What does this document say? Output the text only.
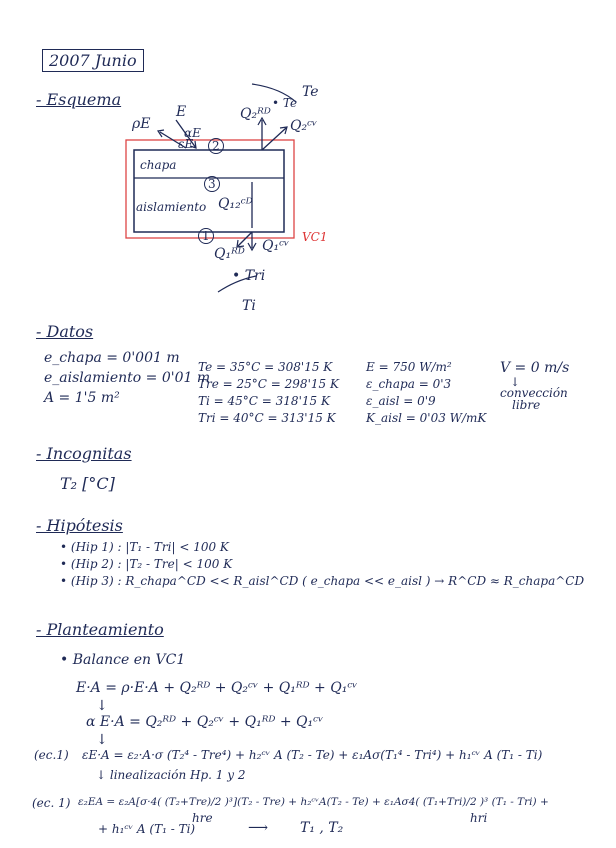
2007 Junio
- Esquema
ρE
E
αE
εE	2
Q₂ᴿᴰ
Q₂ᶜᵛ
• Te
Te
chapa
3
aislamiento Q₁₂ᶜᴰ
1	VC1
Q₁ᴿᴰ Q₁ᶜᵛ
• Tri
Ti
- Datos
e_chapa = 0'001 m
e_aislamiento = 0'01 m
A = 1'5 m²
Te = 35°C = 308'15 K
Tre = 25°C = 298'15 K
Ti = 45°C = 318'15 K
Tri = 40°C = 313'15 K
E = 750 W/m²
ε_chapa = 0'3
ε_aisl = 0'9
K_aisl = 0'03 W/mK
V = 0 m/s
↓
convección
libre
- Incognitas
T₂ [°C]
- Hipótesis
• (Hip 1) : |T₁ - Tri| < 100 K
• (Hip 2) : |T₂ - Tre| < 100 K
• (Hip 3) : R_chapa^CD << R_aisl^CD ( e_chapa << e_aisl ) → R^CD ≈ R_chapa^CD
- Planteamiento
• Balance en VC1
E·A = ρ·E·A + Q₂ᴿᴰ + Q₂ᶜᵛ + Q₁ᴿᴰ + Q₁ᶜᵛ
↓
α E·A = Q₂ᴿᴰ + Q₂ᶜᵛ + Q₁ᴿᴰ + Q₁ᶜᵛ
↓
(ec.1) εE·A = ε₂·A·σ (T₂⁴ - Tre⁴) + h₂ᶜᵛ A (T₂ - Te) + ε₁Aσ(T₁⁴ - Tri⁴) + h₁ᶜᵛ A (T₁ - Ti)
↓ linealización Hp. 1 y 2
(ec. 1) ε₂EA = ε₂A[σ·4( (T₂+Tre)/2 )³](T₂ - Tre) + h₂ᶜᵛA(T₂ - Te) + ε₁Aσ4( (T₁+Tri)/2 )³ (T₁ - Tri) +
hre	hri
+ h₁ᶜᵛ A (T₁ - Ti)	⟶ T₁ , T₂
